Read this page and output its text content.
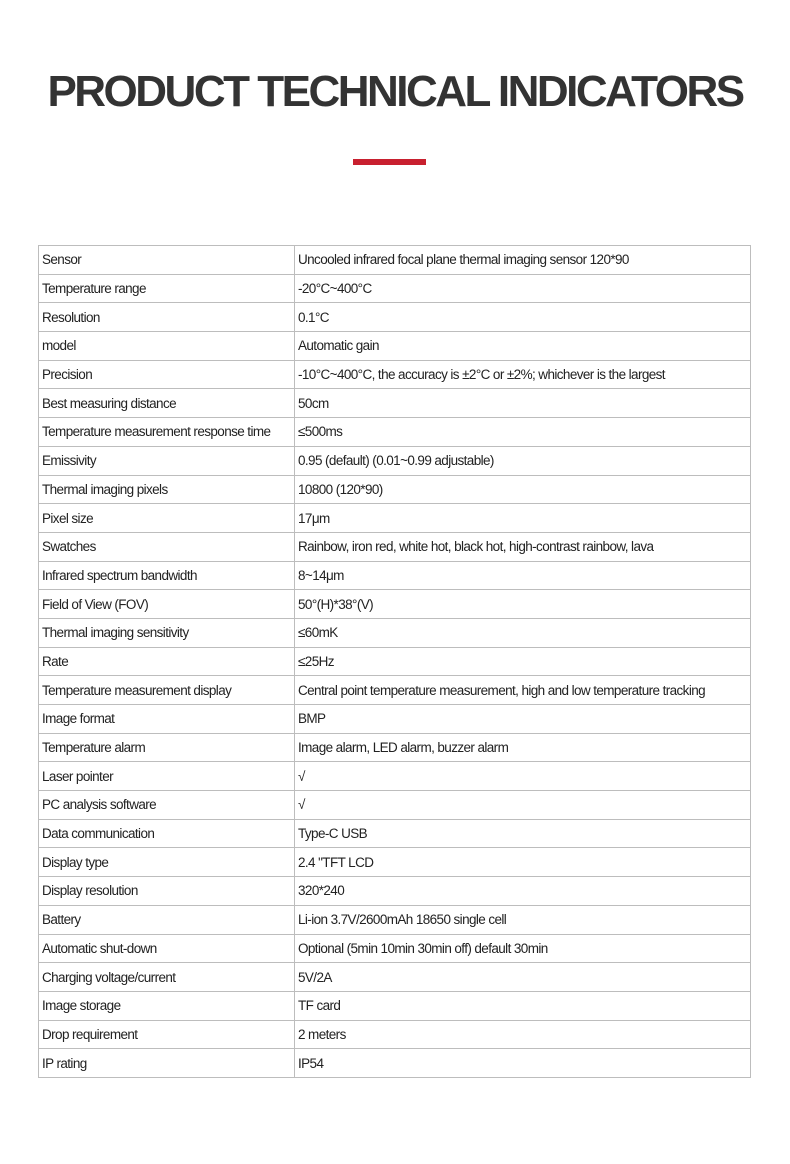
PRODUCT TECHNICAL INDICATORS
Sensor	Uncooled infrared focal plane thermal imaging sensor 120*90
Temperature range	-20°C~400°C
Resolution	0.1°C
model	Automatic gain
Precision	-10°C~400°C, the accuracy is ±2°C or ±2%; whichever is the largest
Best measuring distance	50cm
Temperature measurement response time	≤500ms
Emissivity	0.95 (default) (0.01~0.99 adjustable)
Thermal imaging pixels	10800 (120*90)
Pixel size	17μm
Swatches	Rainbow, iron red, white hot, black hot, high-contrast rainbow, lava
Infrared spectrum bandwidth	8~14μm
Field of View (FOV)	50°(H)*38°(V)
Thermal imaging sensitivity	≤60mK
Rate	≤25Hz
Temperature measurement display	Central point temperature measurement, high and low temperature tracking
Image format	BMP
Temperature alarm	Image alarm, LED alarm, buzzer alarm
Laser pointer	√
PC analysis software	√
Data communication	Type-C USB
Display type	2.4 "TFT LCD
Display resolution	320*240
Battery	Li-ion 3.7V/2600mAh 18650 single cell
Automatic shut-down	Optional (5min 10min 30min off) default 30min
Charging voltage/current	5V/2A
Image storage	TF card
Drop requirement	2 meters
IP rating	IP54
